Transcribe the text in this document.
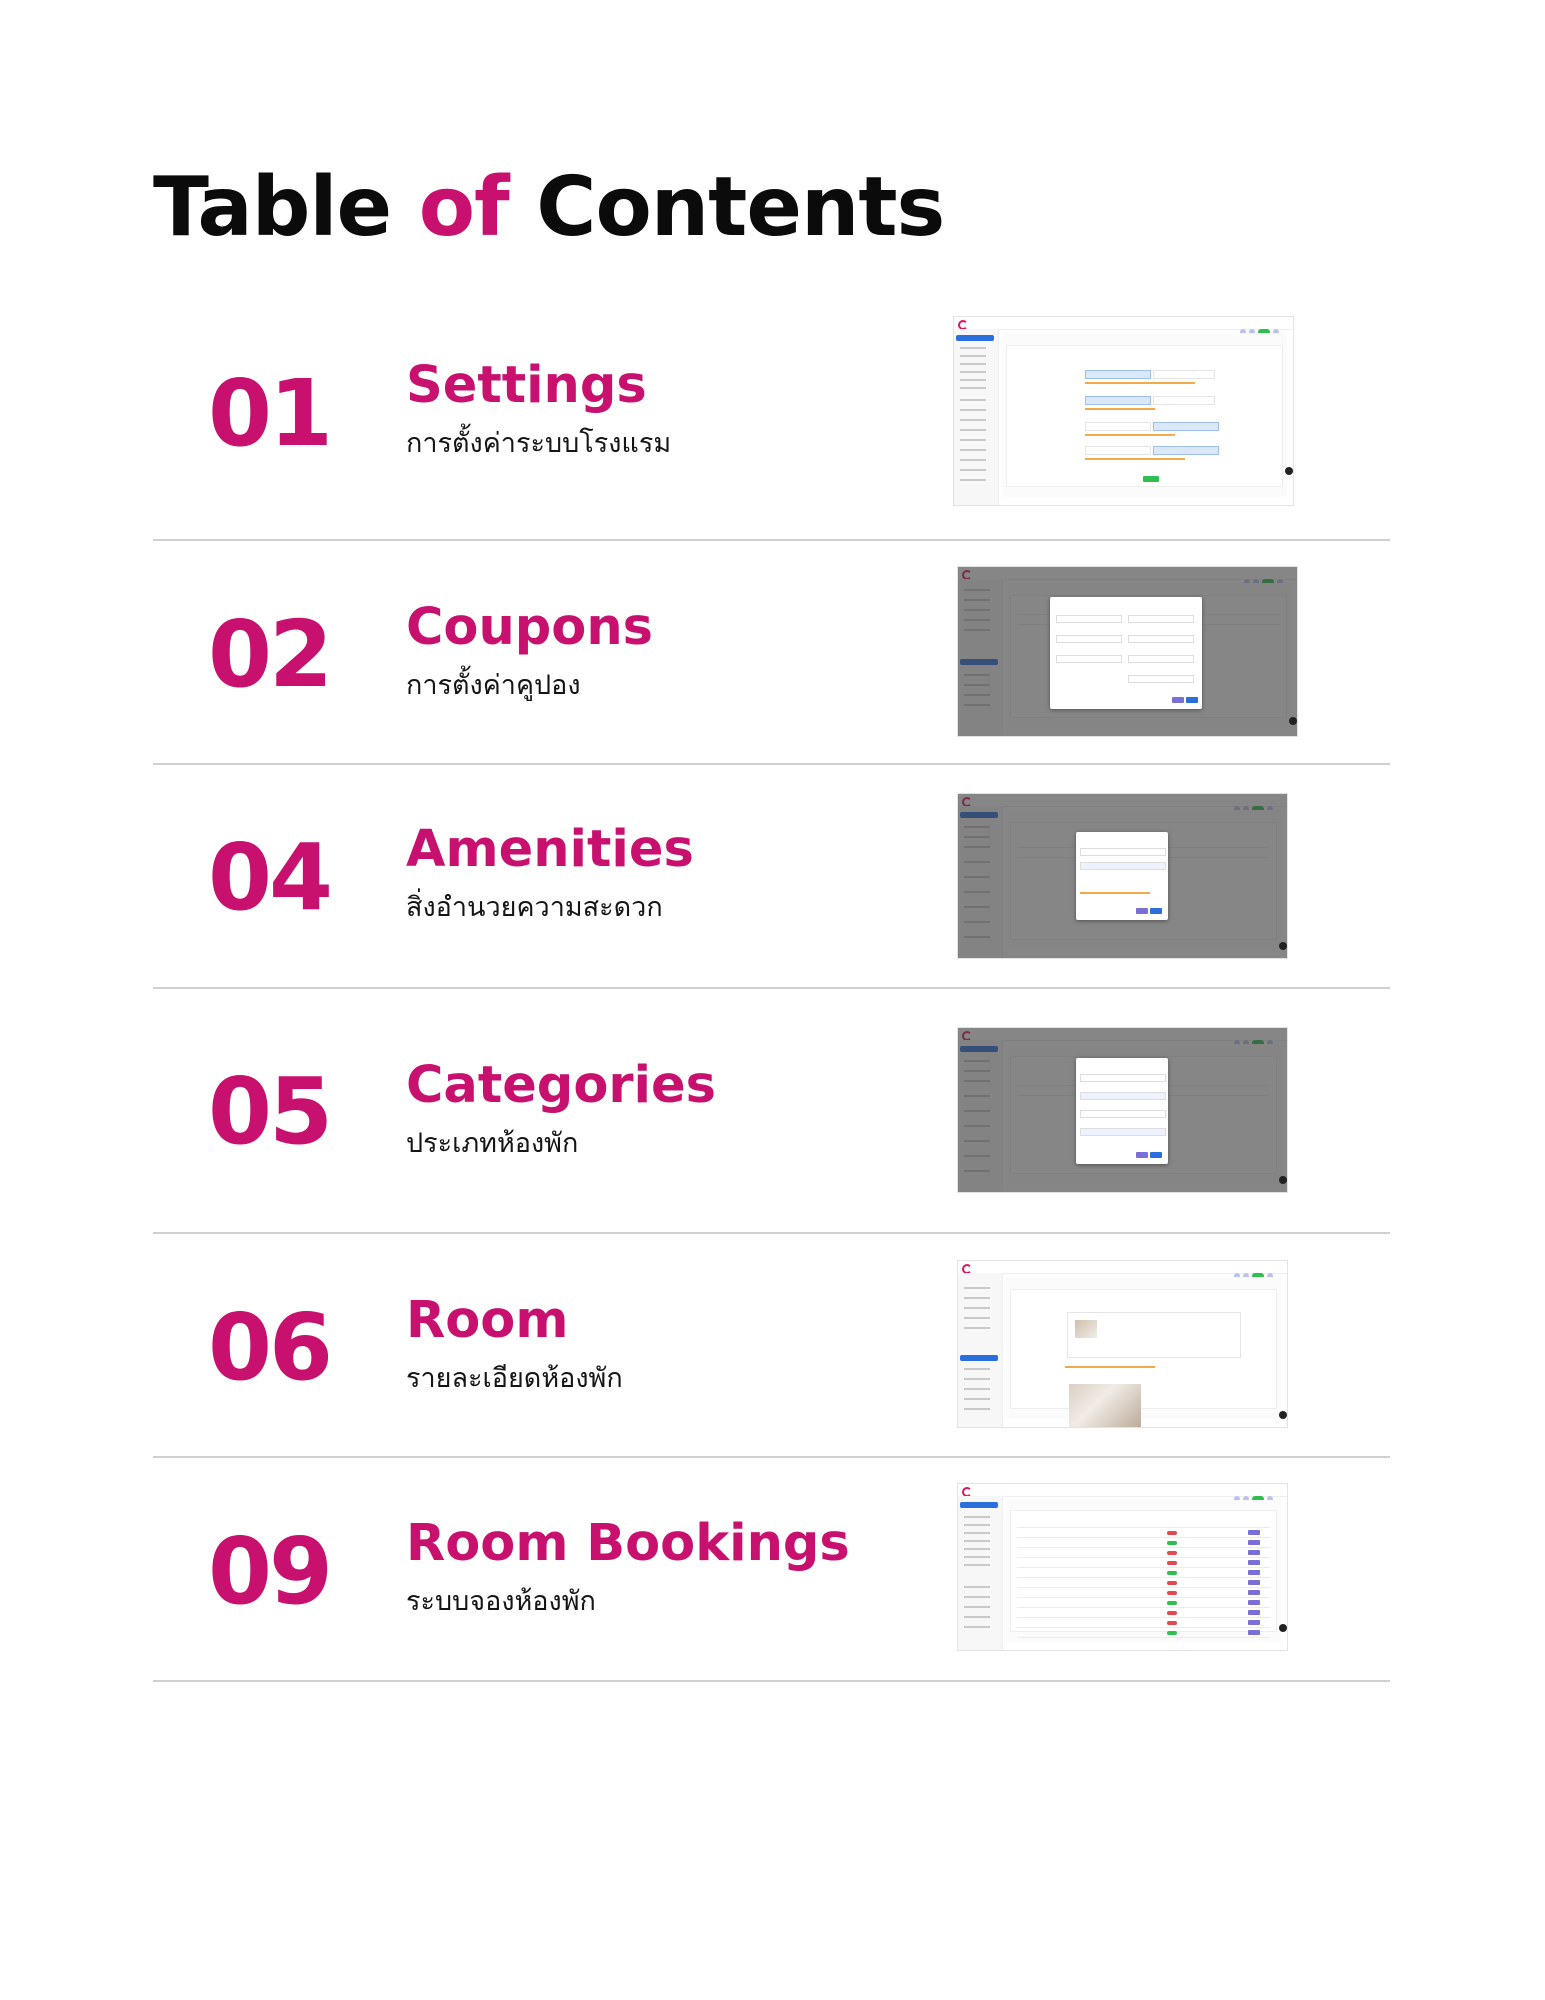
Table of Contents
01 Settings
การตั้งค่าระบบโรงแรม
02 Coupons
การตั้งค่าคูปอง
04 Amenities
สิ่งอำนวยความสะดวก
05 Categories
ประเภทห้องพัก
06 Room
รายละเอียดห้องพัก
09 Room Bookings
ระบบจองห้องพัก
